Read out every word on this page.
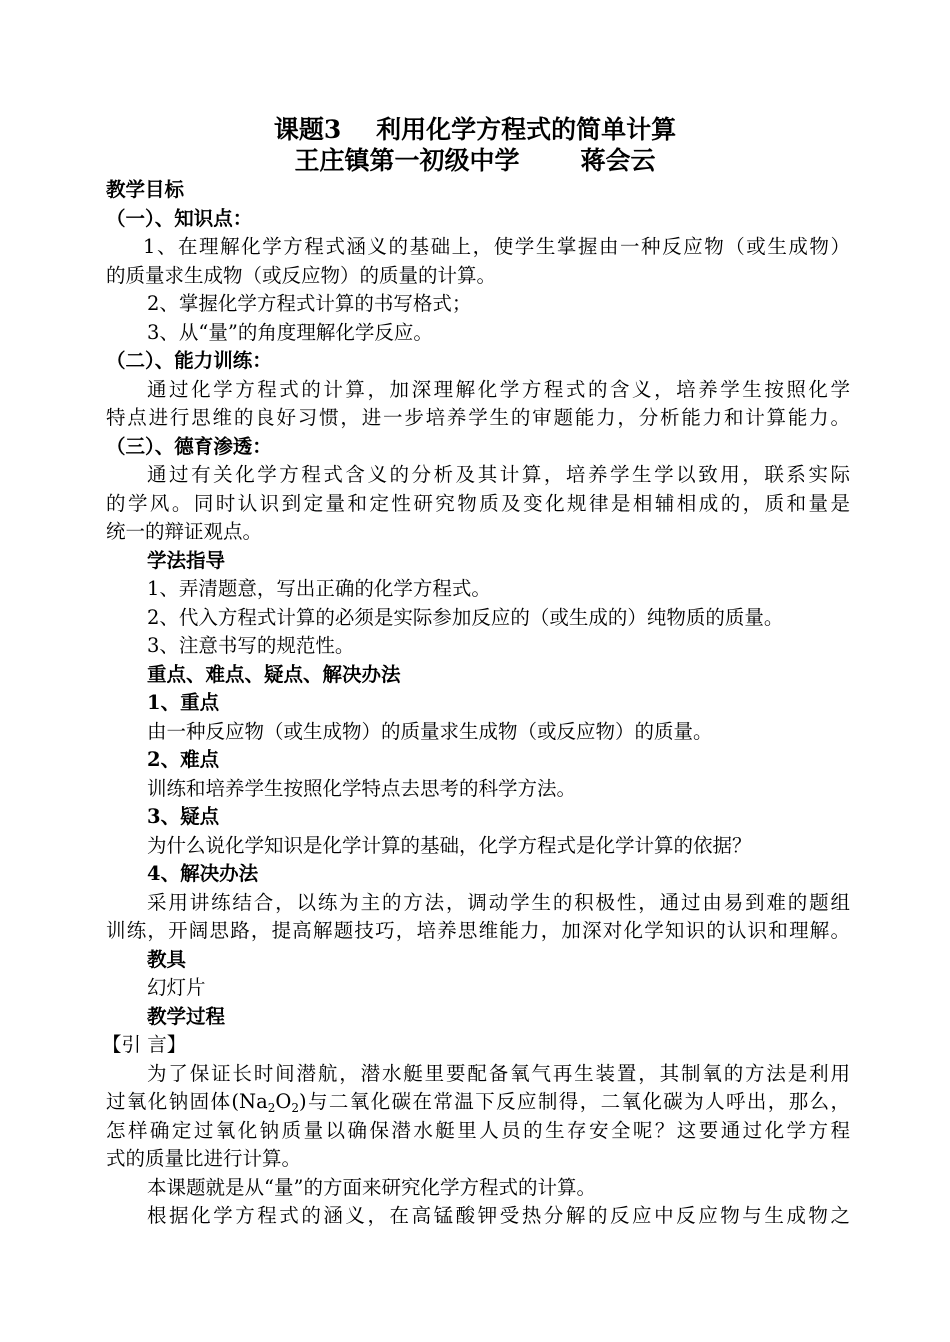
课题3    利用化学方程式的简单计算
王庄镇第一初级中学       蒋会云
教学目标
（一）、知识点：
1、在理解化学方程式涵义的基础上，使学生掌握由一种反应物（或生成物）
的质量求生成物（或反应物）的质量的计算。
2、掌握化学方程式计算的书写格式；
3、从“量”的角度理解化学反应。
（二）、能力训练：
通过化学方程式的计算，加深理解化学方程式的含义，培养学生按照化学
特点进行思维的良好习惯，进一步培养学生的审题能力，分析能力和计算能力。
（三）、德育渗透：
通过有关化学方程式含义的分析及其计算，培养学生学以致用，联系实际
的学风。同时认识到定量和定性研究物质及变化规律是相辅相成的，质和量是
统一的辩证观点。
学法指导
1、弄清题意，写出正确的化学方程式。
2、代入方程式计算的必须是实际参加反应的（或生成的）纯物质的质量。
3、注意书写的规范性。
重点、难点、疑点、解决办法
1、重点
由一种反应物（或生成物）的质量求生成物（或反应物）的质量。
2、难点
训练和培养学生按照化学特点去思考的科学方法。
3、疑点
为什么说化学知识是化学计算的基础，化学方程式是化学计算的依据？
4、解决办法
采用讲练结合，以练为主的方法，调动学生的积极性，通过由易到难的题组
训练，开阔思路，提高解题技巧，培养思维能力，加深对化学知识的认识和理解。
教具
幻灯片
教学过程
【引 言】
为了保证长时间潜航，潜水艇里要配备氧气再生装置，其制氧的方法是利用
过氧化钠固体$(Na_2O_2)$与二氧化碳在常温下反应制得，二氧化碳为人呼出，那么，
怎样确定过氧化钠质量以确保潜水艇里人员的生存安全呢？这要通过化学方程
式的质量比进行计算。
本课题就是从“量”的方面来研究化学方程式的计算。
根据化学方程式的涵义，在高锰酸钾受热分解的反应中反应物与生成物之
